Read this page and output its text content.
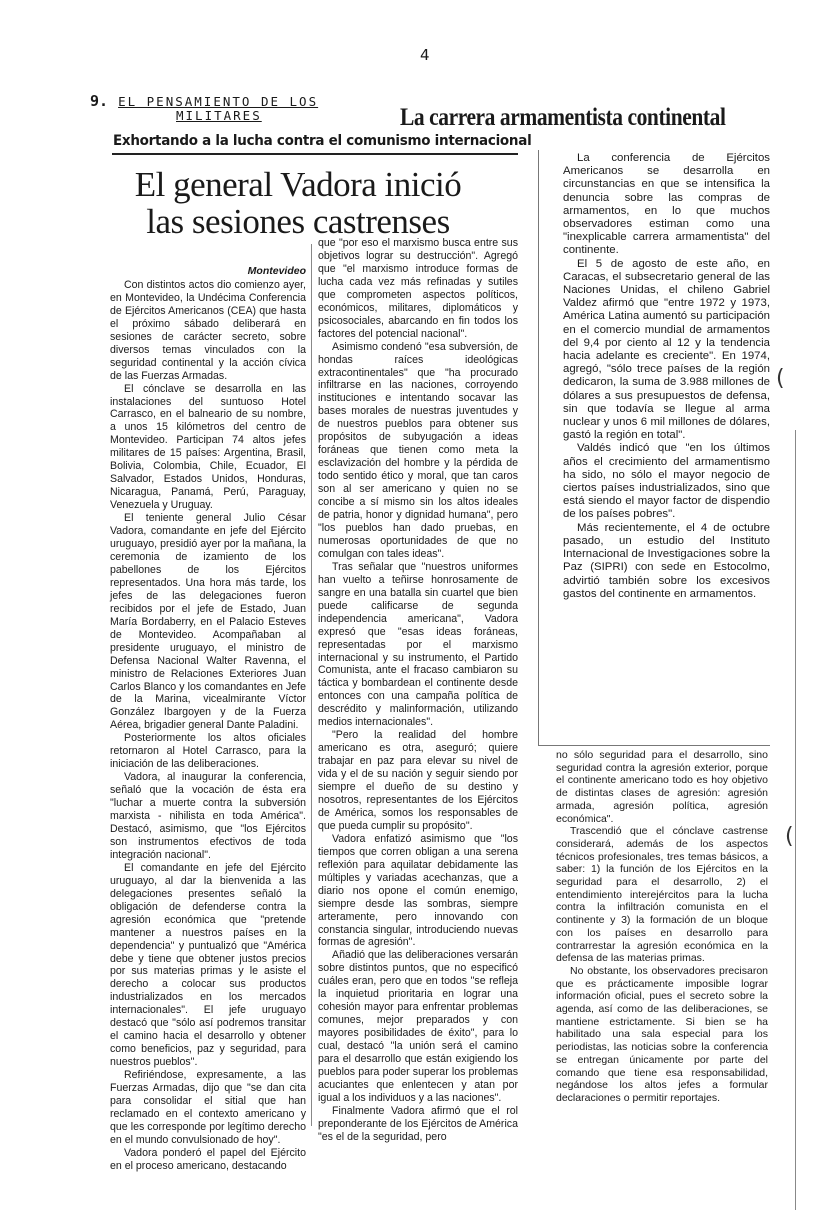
4
9. EL PENSAMIENTO DE LOS
MILITARES	La carrera armamentista continental
Exhortando a la lucha contra el comunismo internacional
El general Vadora inició las sesiones castrenses
(
(

Montevideo

Con distintos actos dio comienzo ayer, en Montevideo, la Undécima Conferencia de Ejércitos Americanos (CEA) que hasta el próximo sábado deliberará en sesiones de carácter secreto, sobre diversos temas vinculados con la seguridad continental y la acción cívica de las Fuerzas Armadas.

El cónclave se desarrolla en las instalaciones del suntuoso Hotel Carrasco, en el balneario de su nombre, a unos 15 kilómetros del centro de Montevideo. Participan 74 altos jefes militares de 15 países: Argentina, Brasil, Bolivia, Colombia, Chile, Ecuador, El Salvador, Estados Unidos, Honduras, Nicaragua, Panamá, Perú, Paraguay, Venezuela y Uruguay.

El teniente general Julio César Vadora, comandante en jefe del Ejército uruguayo, presidió ayer por la mañana, la ceremonia de izamiento de los pabellones de los Ejércitos representados. Una hora más tarde, los jefes de las delegaciones fueron recibidos por el jefe de Estado, Juan María Bordaberry, en el Palacio Esteves de Montevideo. Acompañaban al presidente uruguayo, el ministro de Defensa Nacional Walter Ravenna, el ministro de Relaciones Exteriores Juan Carlos Blanco y los comandantes en Jefe de la Marina, vicealmirante Víctor González Ibargoyen y de la Fuerza Aérea, brigadier general Dante Paladini.

Posteriormente los altos oficiales retornaron al Hotel Carrasco, para la iniciación de las deliberaciones.

Vadora, al inaugurar la conferencia, señaló que la vocación de ésta era "luchar a muerte contra la subversión marxista - nihilista en toda América". Destacó, asimismo, que "los Ejércitos son instrumentos efectivos de toda integración nacional".

El comandante en jefe del Ejército uruguayo, al dar la bienvenida a las delegaciones presentes señaló la obligación de defenderse contra la agresión económica que "pretende mantener a nuestros países en la dependencia" y puntualizó que "América debe y tiene que obtener justos precios por sus materias primas y le asiste el derecho a colocar sus productos industrializados en los mercados internacionales". El jefe uruguayo destacó que "sólo así podremos transitar el camino hacia el desarrollo y obtener como beneficios, paz y seguridad, para nuestros pueblos".

Refiriéndose, expresamente, a las Fuerzas Armadas, dijo que "se dan cita para consolidar el sitial que han reclamado en el contexto americano y que les corresponde por legítimo derecho en el mundo convulsionado de hoy".

Vadora ponderó el papel del Ejército en el proceso americano, destacando

que "por eso el marxismo busca entre sus objetivos lograr su destrucción". Agregó que "el marxismo introduce formas de lucha cada vez más refinadas y sutiles que comprometen aspectos políticos, económicos, militares, diplomáticos y psicosociales, abarcando en fin todos los factores del potencial nacional".

Asimismo condenó "esa subversión, de hondas raíces ideológicas extracontinentales" que "ha procurado infiltrarse en las naciones, corroyendo instituciones e intentando socavar las bases morales de nuestras juventudes y de nuestros pueblos para obtener sus propósitos de subyugación a ideas foráneas que tienen como meta la esclavización del hombre y la pérdida de todo sentido ético y moral, que tan caros son al ser americano y quien no se concibe a sí mismo sin los altos ideales de patria, honor y dignidad humana", pero "los pueblos han dado pruebas, en numerosas oportunidades de que no comulgan con tales ideas".

Tras señalar que "nuestros uniformes han vuelto a teñirse honrosamente de sangre en una batalla sin cuartel que bien puede calificarse de segunda independencia americana", Vadora expresó que "esas ideas foráneas, representadas por el marxismo internacional y su instrumento, el Partido Comunista, ante el fracaso cambiaron su táctica y bombardean el continente desde entonces con una campaña política de descrédito y malinformación, utilizando medios internacionales".

"Pero la realidad del hombre americano es otra, aseguró; quiere trabajar en paz para elevar su nivel de vida y el de su nación y seguir siendo por siempre el dueño de su destino y nosotros, representantes de los Ejércitos de América, somos los responsables de que pueda cumplir su propósito".

Vadora enfatizó asimismo que "los tiempos que corren obligan a una serena reflexión para aquilatar debidamente las múltiples y variadas acechanzas, que a diario nos opone el común enemigo, siempre desde las sombras, siempre arteramente, pero innovando con constancia singular, introduciendo nuevas formas de agresión".

Añadió que las deliberaciones versarán sobre distintos puntos, que no especificó cuáles eran, pero que en todos "se refleja la inquietud prioritaria en lograr una cohesión mayor para enfrentar problemas comunes, mejor preparados y con mayores posibilidades de éxito", para lo cual, destacó "la unión será el camino para el desarrollo que están exigiendo los pueblos para poder superar los problemas acuciantes que enlentecen y atan por igual a los individuos y a las naciones".

Finalmente Vadora afirmó que el rol preponderante de los Ejércitos de América "es el de la seguridad, pero

La conferencia de Ejércitos Americanos se desarrolla en circunstancias en que se intensifica la denuncia sobre las compras de armamentos, en lo que muchos observadores estiman como una "inexplicable carrera armamentista" del continente.

El 5 de agosto de este año, en Caracas, el subsecretario general de las Naciones Unidas, el chileno Gabriel Valdez afirmó que "entre 1972 y 1973, América Latina aumentó su participación en el comercio mundial de armamentos del 9,4 por ciento al 12 y la tendencia hacia adelante es creciente". En 1974, agregó, "sólo trece países de la región dedicaron, la suma de 3.988 millones de dólares a sus presupuestos de defensa, sin que todavía se llegue al arma nuclear y unos 6 mil millones de dólares, gastó la región en total".

Valdés indicó que "en los últimos años el crecimiento del armamentismo ha sido, no sólo el mayor negocio de ciertos países industrializados, sino que está siendo el mayor factor de dispendio de los países pobres".

Más recientemente, el 4 de octubre pasado, un estudio del Instituto Internacional de Investigaciones sobre la Paz (SIPRI) con sede en Estocolmo, advirtió también sobre los excesivos gastos del continente en armamentos.

no sólo seguridad para el desarrollo, sino seguridad contra la agresión exterior, porque el continente americano todo es hoy objetivo de distintas clases de agresión: agresión armada, agresión política, agresión económica".

Trascendió que el cónclave castrense considerará, además de los aspectos técnicos profesionales, tres temas básicos, a saber: 1) la función de los Ejércitos en la seguridad para el desarrollo, 2) el entendimiento interejércitos para la lucha contra la infiltración comunista en el continente y 3) la formación de un bloque con los países en desarrollo para contrarrestar la agresión económica en la defensa de las materias primas.

No obstante, los observadores precisaron que es prácticamente imposible lograr información oficial, pues el secreto sobre la agenda, así como de las deliberaciones, se mantiene estrictamente. Si bien se ha habilitado una sala especial para los periodistas, las noticias sobre la conferencia se entregan únicamente por parte del comando que tiene esa responsabilidad, negándose los altos jefes a formular declaraciones o permitir reportajes.
